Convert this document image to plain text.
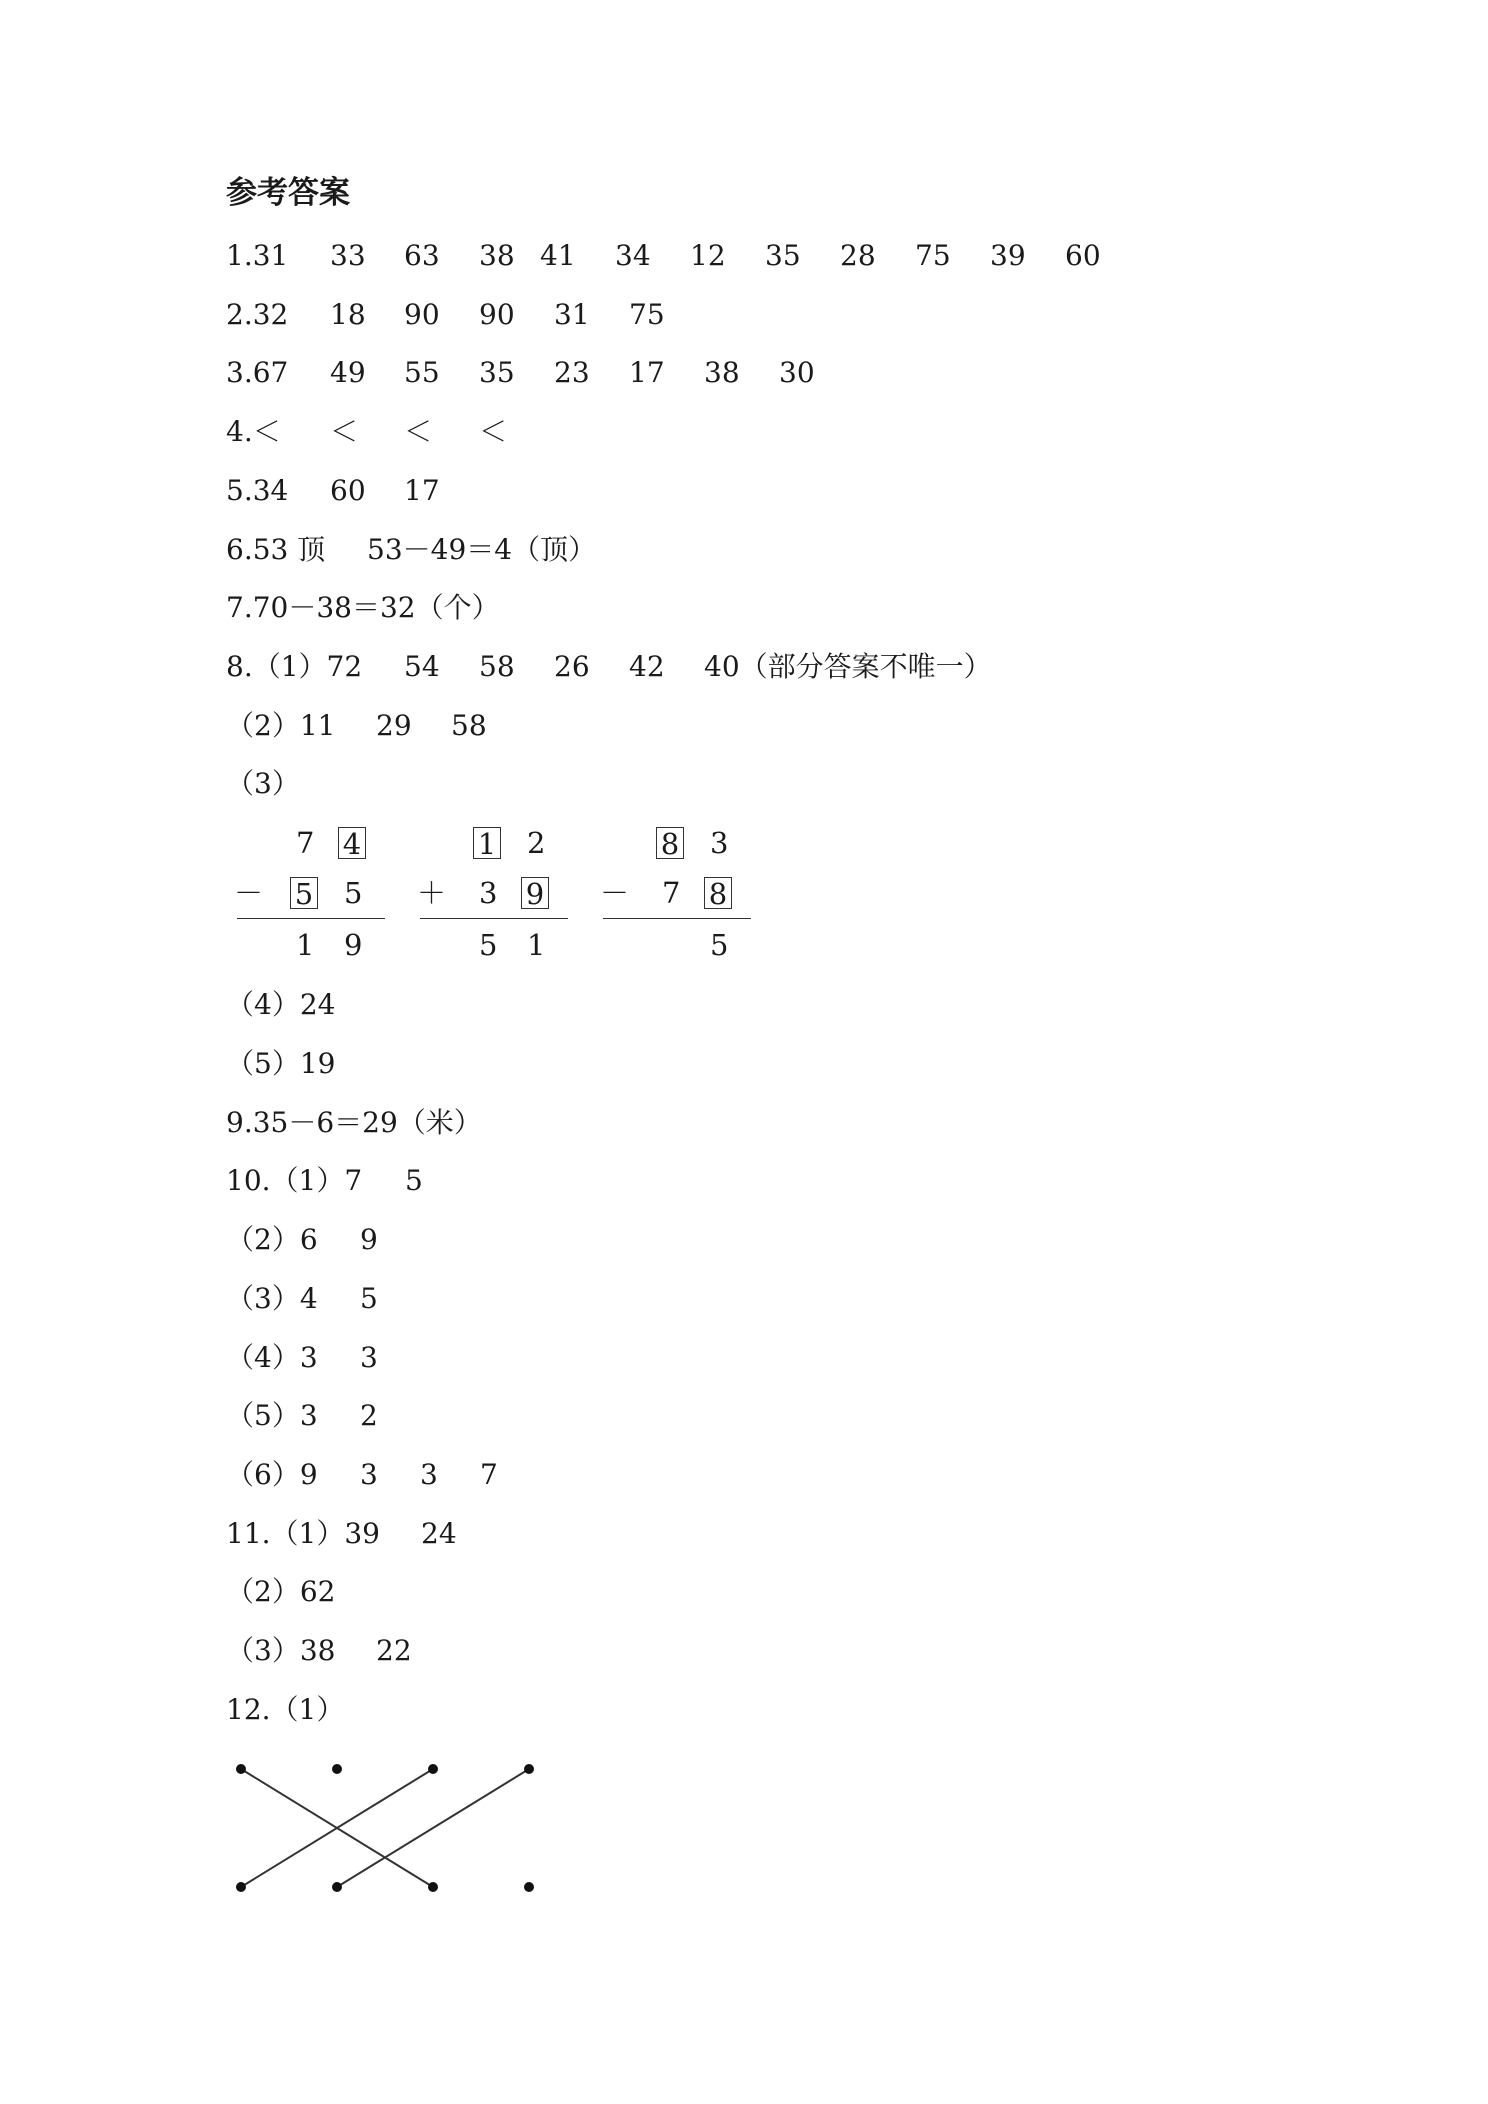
参考答案
1.31 33 63 38 41 34 12 35 28 75 39 60
2.32 18 90 90 31 75
3.67 49 55 35 23 17 38 30
4.＜ ＜ ＜ ＜
5.34 60 17
6.53 顶 53－49＝4（顶）
7.70－38＝32（个）
8.（1）72 54 58 26 42 40（部分答案不唯一）
（2）11 29 58
（3）
（4）24
（5）19
9.35－6＝29（米）
10.（1）7 5
（2）6 9
（3）4 5
（4）3 3
（5）3 2
（6）9 3 3 7
11.（1）39 24
（2）62
（3）38 22
12.（1）
7 4
5 5
1 9
－
1 2
3 9
5 1
＋
8 3
7 8
5
－
